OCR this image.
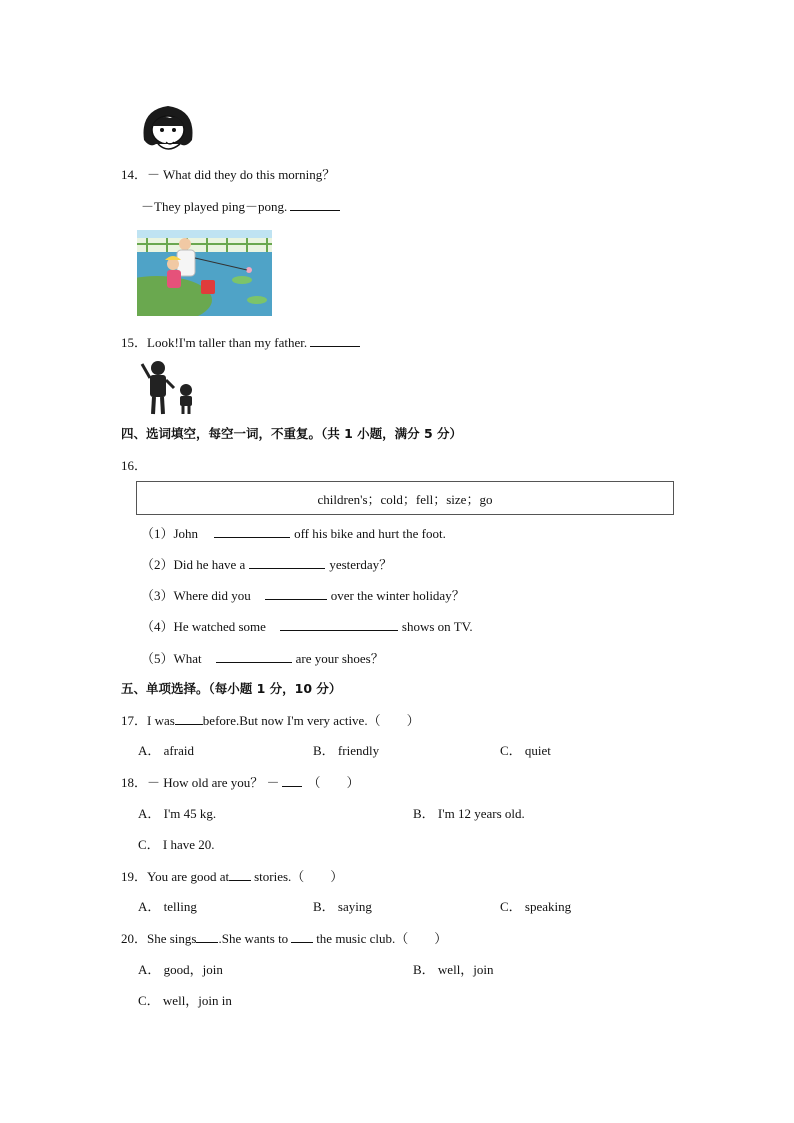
14．－ What did they do this morning？
－They played ping－pong.
15．Look!I'm taller than my father.
四、选词填空，每空一词，不重复。（共 1 小题，满分 5 分）
16．
children's；cold；fell；size；go
（1）John	off his bike and hurt the foot.
（2）Did he have a	yesterday？
（3）Where did you	over the winter holiday？
（4）He watched some	shows on TV.
（5）What	are your shoes？
五、单项选择。（每小题 1 分，10 分）
17．I was before.But now I'm very active.（　　）
A． afraid	B． friendly	C． quiet
18．－ How old are you？ － （　　）
A． I'm 45 kg.	B． I'm 12 years old.
C． I have 20.
19．You are good at stories.（　　）
A． telling	B． saying	C． speaking
20．She sings .She wants to the music club.（　　）
A． good，join	B． well，join
C． well，join in
